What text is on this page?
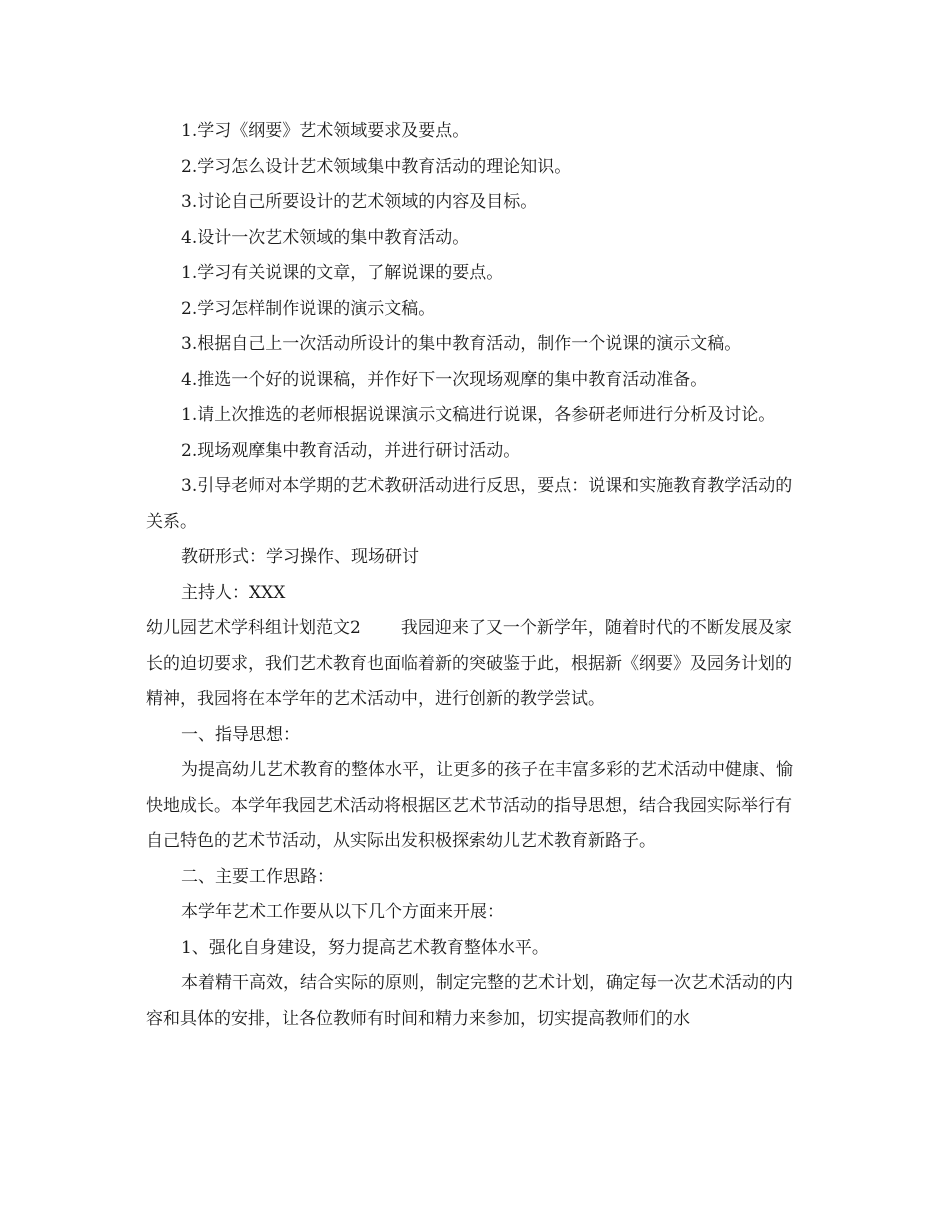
1.学习《纲要》艺术领域要求及要点。

2.学习怎么设计艺术领域集中教育活动的理论知识。

3.讨论自己所要设计的艺术领域的内容及目标。

4.设计一次艺术领域的集中教育活动。

1.学习有关说课的文章，了解说课的要点。

2.学习怎样制作说课的演示文稿。

3.根据自己上一次活动所设计的集中教育活动，制作一个说课的演示文稿。

4.推选一个好的说课稿，并作好下一次现场观摩的集中教育活动准备。

1.请上次推选的老师根据说课演示文稿进行说课，各参研老师进行分析及讨论。

2.现场观摩集中教育活动，并进行研讨活动。

3.引导老师对本学期的艺术教研活动进行反思，要点：说课和实施教育教学活动的关系。

教研形式：学习操作、现场研讨

主持人：XXX

幼儿园艺术学科组计划范文2 我园迎来了又一个新学年，随着时代的不断发展及家长的迫切要求，我们艺术教育也面临着新的突破鉴于此，根据新《纲要》及园务计划的精神，我园将在本学年的艺术活动中，进行创新的教学尝试。

一、指导思想：

为提高幼儿艺术教育的整体水平，让更多的孩子在丰富多彩的艺术活动中健康、愉快地成长。本学年我园艺术活动将根据区艺术节活动的指导思想，结合我园实际举行有自己特色的艺术节活动，从实际出发积极探索幼儿艺术教育新路子。

二、主要工作思路：

本学年艺术工作要从以下几个方面来开展：

1、强化自身建设，努力提高艺术教育整体水平。

本着精干高效，结合实际的原则，制定完整的艺术计划，确定每一次艺术活动的内容和具体的安排，让各位教师有时间和精力来参加，切实提高教师们的水
